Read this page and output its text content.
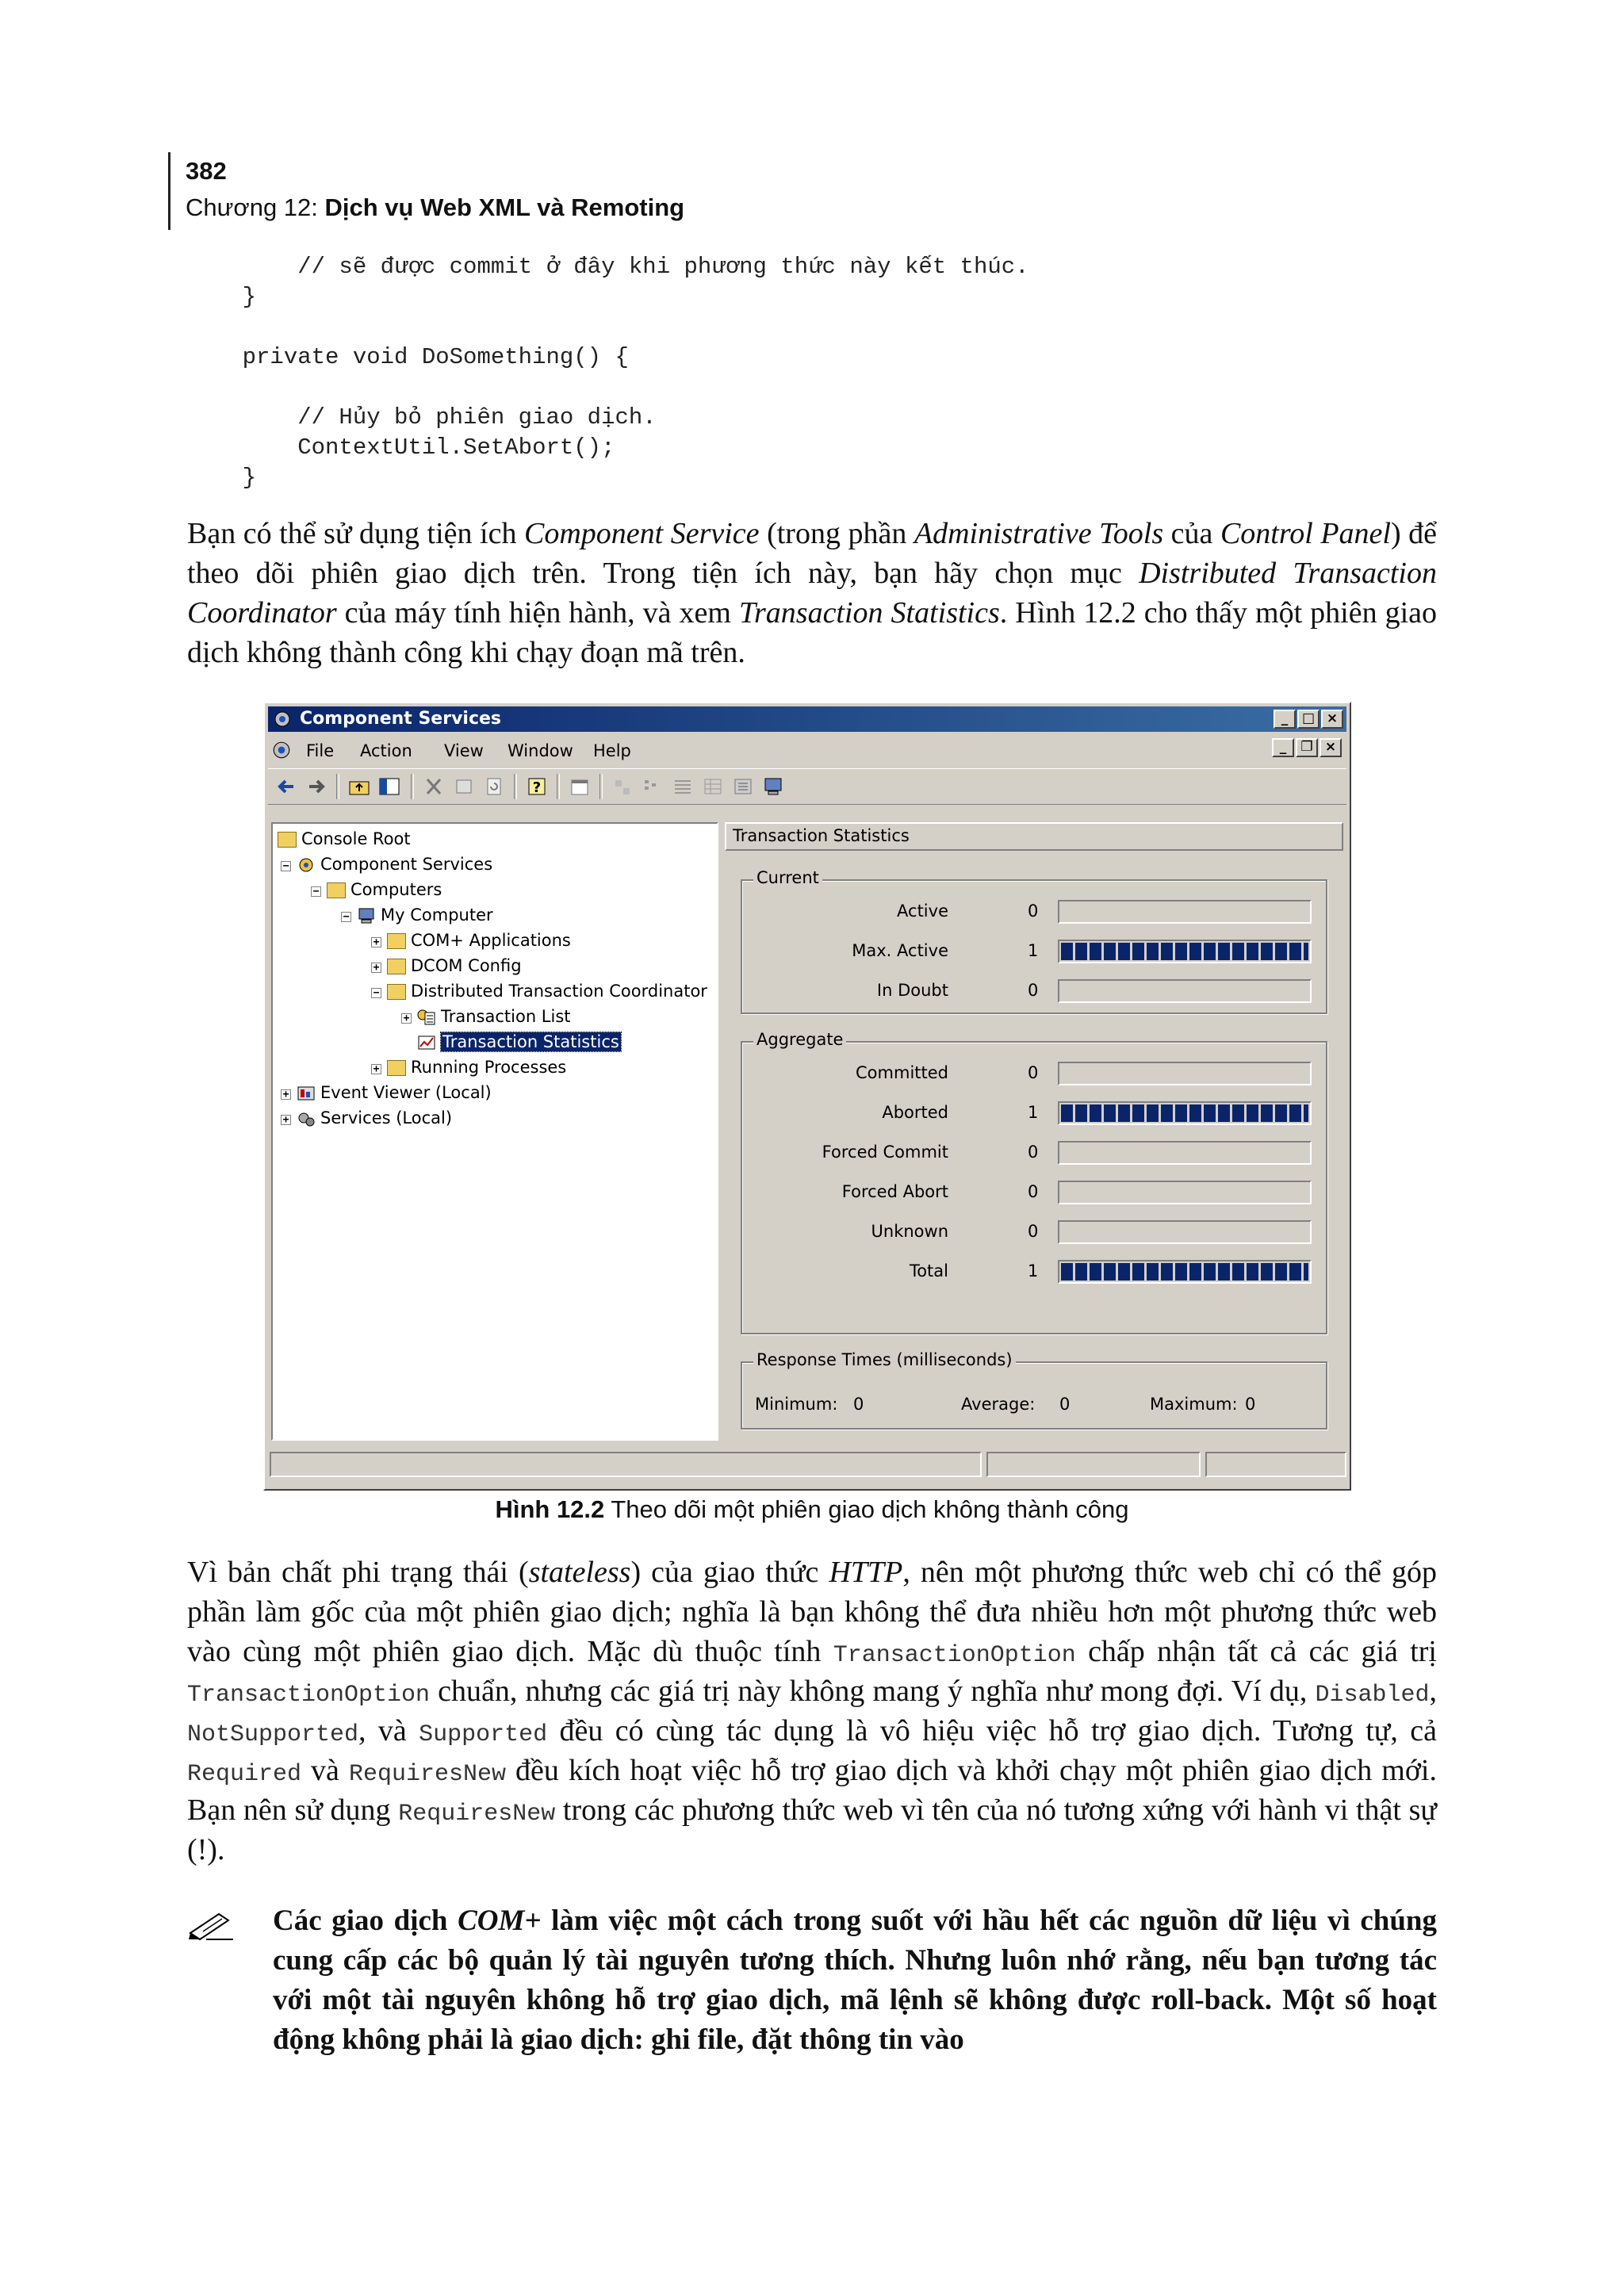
382
Chương 12: Dịch vụ Web XML và Remoting
// sẽ được commit ở đây khi phương thức này kết thúc.
}

private void DoSomething() {

// Hủy bỏ phiên giao dịch.
ContextUtil.SetAbort();
}

Bạn có thể sử dụng tiện ích Component Service (trong phần Administrative Tools của Control Panel) để theo dõi phiên giao dịch trên. Trong tiện ích này, bạn hãy chọn mục Distributed Transaction Coordinator của máy tính hiện hành, và xem Transaction Statistics. Hình 12.2 cho thấy một phiên giao dịch không thành công khi chạy đoạn mã trên.

Component Services	_	□ ×
File Action View Window Help	_	❐ ×
?
Console Root
−	Component Services
−	Computers
−	My Computer
+	COM+ Applications
+	DCOM Config
−	Distributed Transaction Coordinator
+	Transaction List
Transaction Statistics
+	Running Processes
+	Event Viewer (Local)
+	Services (Local)
Transaction Statistics
Current
Active	0
Max. Active	1
In Doubt	0
Aggregate
Committed	0
Aborted	1
Forced Commit	0
Forced Abort	0
Unknown	0
Total	1
Response Times (milliseconds)
Minimum: 0	Average: 0	Maximum: 0
Hình 12.2 Theo dõi một phiên giao dịch không thành công

Vì bản chất phi trạng thái (stateless) của giao thức HTTP, nên một phương thức web chỉ có thể góp phần làm gốc của một phiên giao dịch; nghĩa là bạn không thể đưa nhiều hơn một phương thức web vào cùng một phiên giao dịch. Mặc dù thuộc tính TransactionOption chấp nhận tất cả các giá trị TransactionOption chuẩn, nhưng các giá trị này không mang ý nghĩa như mong đợi. Ví dụ, Disabled, NotSupported, và Supported đều có cùng tác dụng là vô hiệu việc hỗ trợ giao dịch. Tương tự, cả Required và RequiresNew đều kích hoạt việc hỗ trợ giao dịch và khởi chạy một phiên giao dịch mới. Bạn nên sử dụng RequiresNew trong các phương thức web vì tên của nó tương xứng với hành vi thật sự (!).

Các giao dịch COM+ làm việc một cách trong suốt với hầu hết các nguồn dữ liệu vì chúng cung cấp các bộ quản lý tài nguyên tương thích. Nhưng luôn nhớ rằng, nếu bạn tương tác với một tài nguyên không hỗ trợ giao dịch, mã lệnh sẽ không được roll-back. Một số hoạt động không phải là giao dịch: ghi file, đặt thông tin vào
